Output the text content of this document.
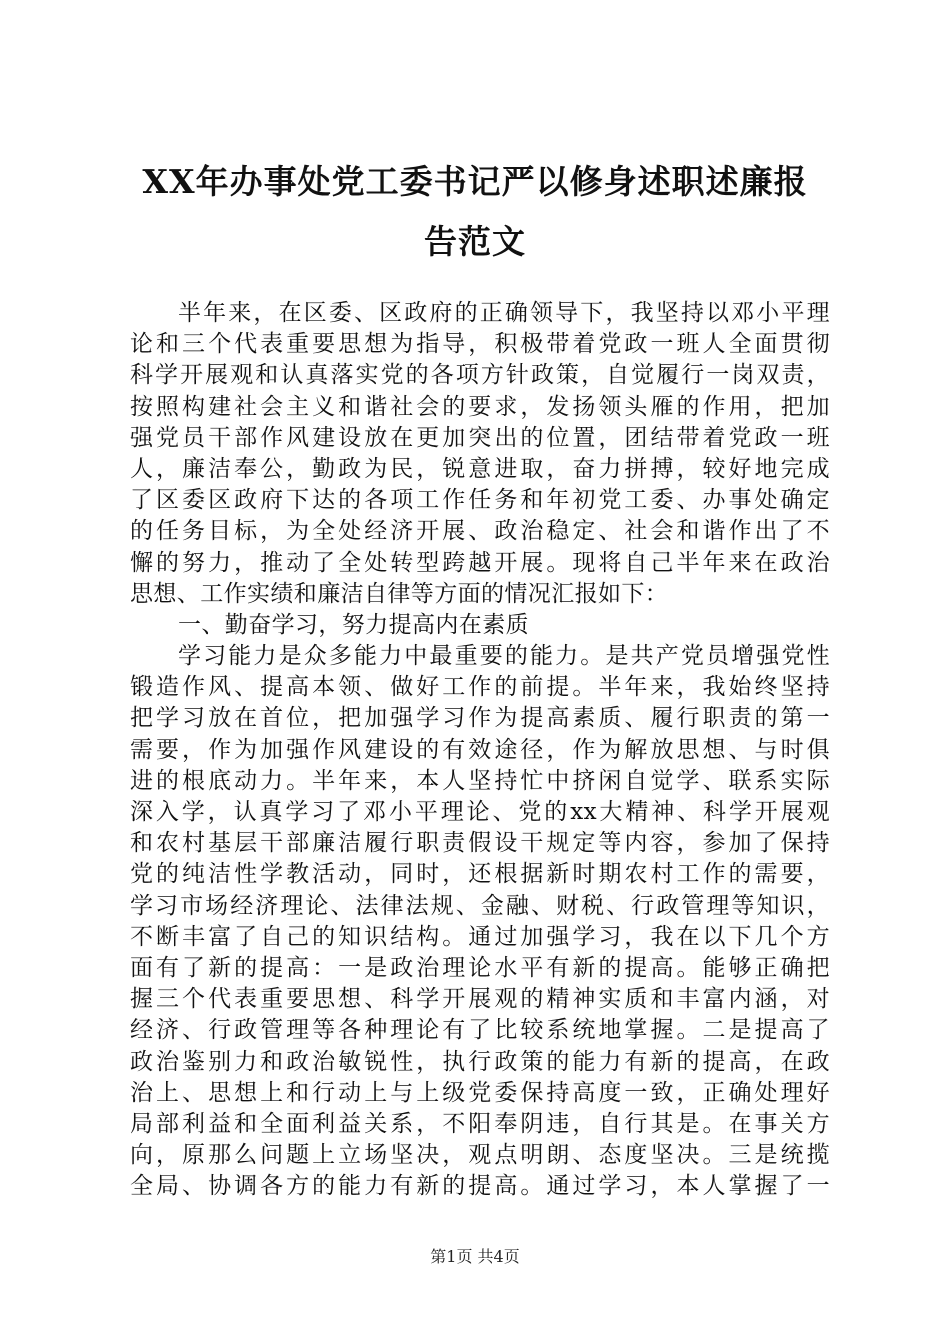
XX年办事处党工委书记严以修身述职述廉报
告范文
半年来，在区委、区政府的正确领导下，我坚持以邓小平理
论和三个代表重要思想为指导，积极带着党政一班人全面贯彻
科学开展观和认真落实党的各项方针政策，自觉履行一岗双责，
按照构建社会主义和谐社会的要求，发扬领头雁的作用，把加
强党员干部作风建设放在更加突出的位置，团结带着党政一班
人，廉洁奉公，勤政为民，锐意进取，奋力拼搏，较好地完成
了区委区政府下达的各项工作任务和年初党工委、办事处确定
的任务目标，为全处经济开展、政治稳定、社会和谐作出了不
懈的努力，推动了全处转型跨越开展。现将自己半年来在政治
思想、工作实绩和廉洁自律等方面的情况汇报如下：
一、勤奋学习，努力提高内在素质
学习能力是众多能力中最重要的能力。是共产党员增强党性
锻造作风、提高本领、做好工作的前提。半年来，我始终坚持
把学习放在首位，把加强学习作为提高素质、履行职责的第一
需要，作为加强作风建设的有效途径，作为解放思想、与时俱
进的根底动力。半年来，本人坚持忙中挤闲自觉学、联系实际
深入学，认真学习了邓小平理论、党的xx大精神、科学开展观
和农村基层干部廉洁履行职责假设干规定等内容，参加了保持
党的纯洁性学教活动，同时，还根据新时期农村工作的需要，
学习市场经济理论、法律法规、金融、财税、行政管理等知识，
不断丰富了自己的知识结构。通过加强学习，我在以下几个方
面有了新的提高：一是政治理论水平有新的提高。能够正确把
握三个代表重要思想、科学开展观的精神实质和丰富内涵，对
经济、行政管理等各种理论有了比较系统地掌握。二是提高了
政治鉴别力和政治敏锐性，执行政策的能力有新的提高，在政
治上、思想上和行动上与上级党委保持高度一致，正确处理好
局部利益和全面利益关系，不阳奉阴违，自行其是。在事关方
向，原那么问题上立场坚决，观点明朗、态度坚决。三是统揽
全局、协调各方的能力有新的提高。通过学习，本人掌握了一
第1页 共4页
